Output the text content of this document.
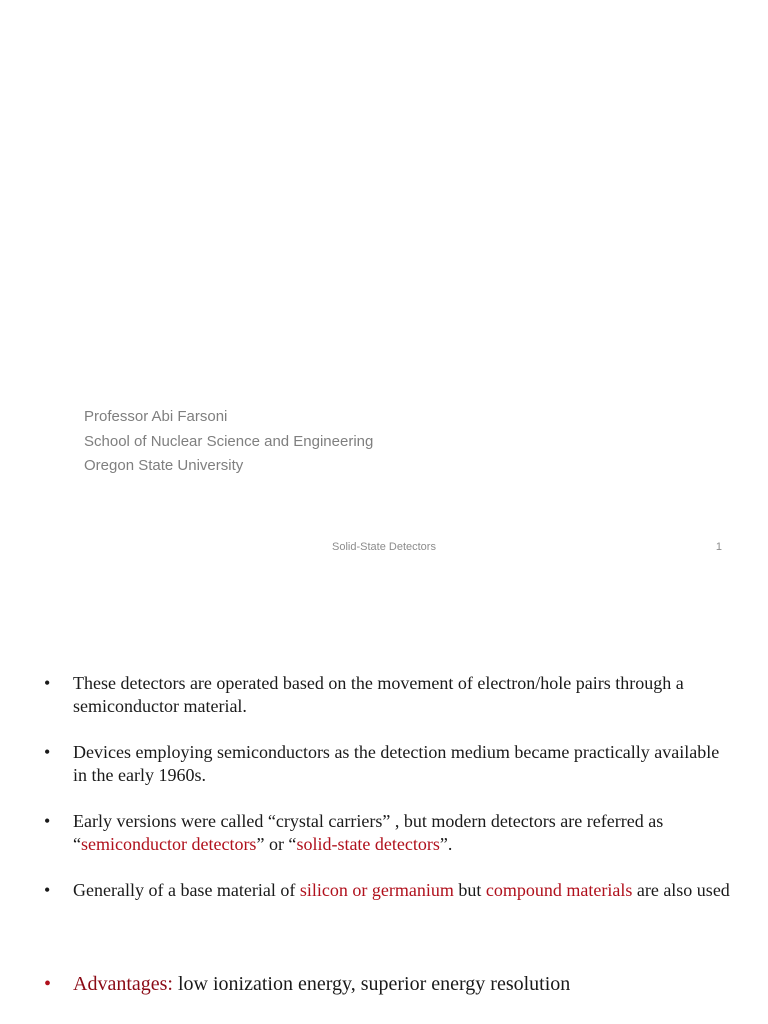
Professor Abi Farsoni
School of Nuclear Science and Engineering
Oregon State University
Solid-State Detectors	1
• These detectors are operated based on the movement of electron/hole pairs through a semiconductor material.
• Devices employing semiconductors as the detection medium became practically available in the early 1960s.
• Early versions were called “crystal carriers” , but modern detectors are referred as “semiconductor detectors” or “solid-state detectors”.
• Generally of a base material of silicon or germanium but compound materials are also used
• Advantages: low ionization energy, superior energy resolution
